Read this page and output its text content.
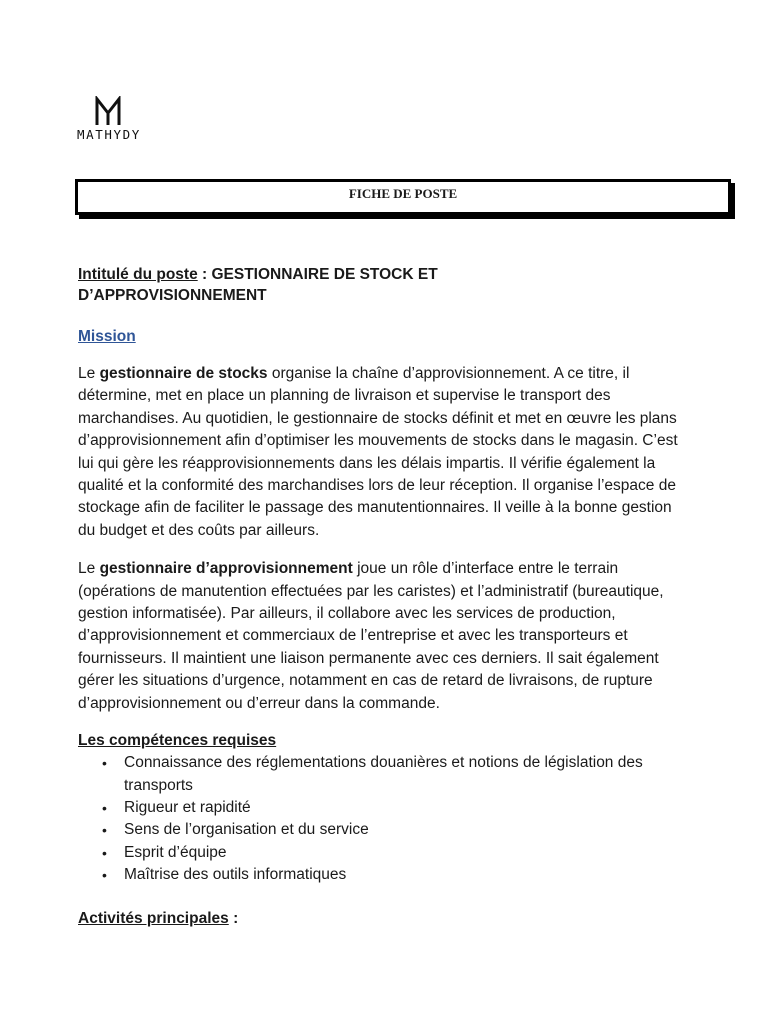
MATHYDY
FICHE DE POSTE

Intitulé du poste : GESTIONNAIRE DE STOCK ET

D’APPROVISIONNEMENT

Mission

Le gestionnaire de stocks organise la chaîne d’approvisionnement. A ce titre, il détermine, met en place un planning de livraison et supervise le transport des marchandises. Au quotidien, le gestionnaire de stocks définit et met en œuvre les plans d’approvisionnement afin d’optimiser les mouvements de stocks dans le magasin. C’est lui qui gère les réapprovisionnements dans les délais impartis. Il vérifie également la qualité et la conformité des marchandises lors de leur réception. Il organise l’espace de stockage afin de faciliter le passage des manutentionnaires. Il veille à la bonne gestion du budget et des coûts par ailleurs.

Le gestionnaire d’approvisionnement joue un rôle d’interface entre le terrain (opérations de manutention effectuées par les caristes) et l’administratif (bureautique, gestion informatisée). Par ailleurs, il collabore avec les services de production, d’approvisionnement et commerciaux de l’entreprise et avec les transporteurs et fournisseurs. Il maintient une liaison permanente avec ces derniers. Il sait également gérer les situations d’urgence, notamment en cas de retard de livraisons, de rupture d’approvisionnement ou d’erreur dans la commande.

Les compétences requises
• Connaissance des réglementations douanières et notions de législation des transports
• Rigueur et rapidité
• Sens de l’organisation et du service
• Esprit d’équipe
• Maîtrise des outils informatiques
Activités principales :
